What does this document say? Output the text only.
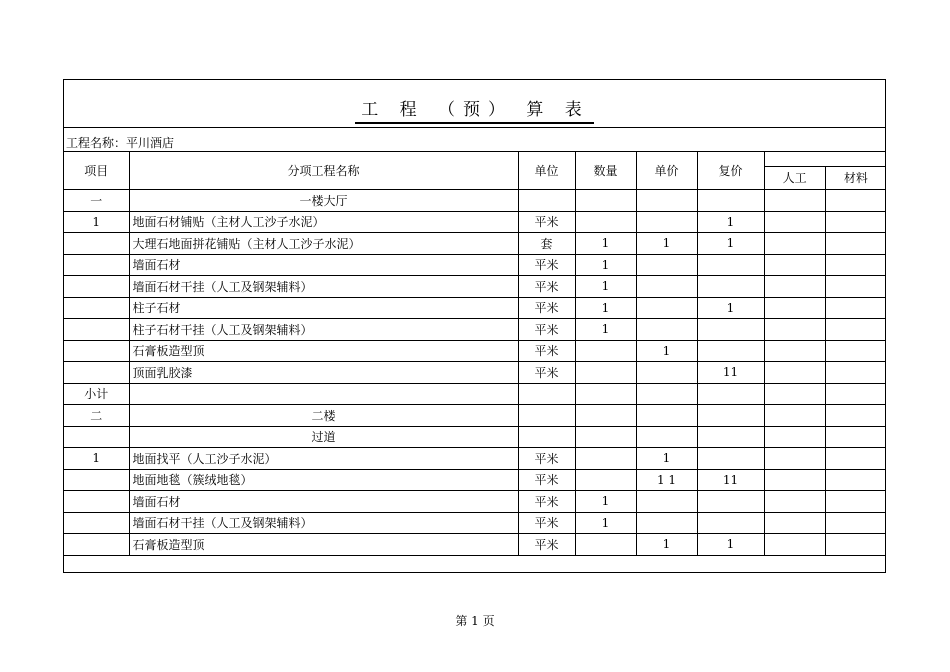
工 程 （预） 算 表
工程名称：平川酒店
项目	分项工程名称	单位	数量	单价	复价	人工 材料	

一	一楼大厅						
1	地面石材铺贴（主材人工沙子水泥）	平米			1		
	大理石地面拼花铺贴（主材人工沙子水泥）	套	1	1	1		
	墙面石材	平米	1				
	墙面石材干挂（人工及钢架辅料）	平米	1				
	柱子石材	平米	1		1		
	柱子石材干挂（人工及钢架辅料）	平米	1				
	石膏板造型顶	平米		1			
	顶面乳胶漆	平米			11		
小计							
二	二楼						
	过道						
1	地面找平（人工沙子水泥）	平米		1			
	地面地毯（簇绒地毯）	平米		1 1	11		
	墙面石材	平米	1				
	墙面石材干挂（人工及钢架辅料）	平米	1				
	石膏板造型顶	平米		1	1		
第 1 页
